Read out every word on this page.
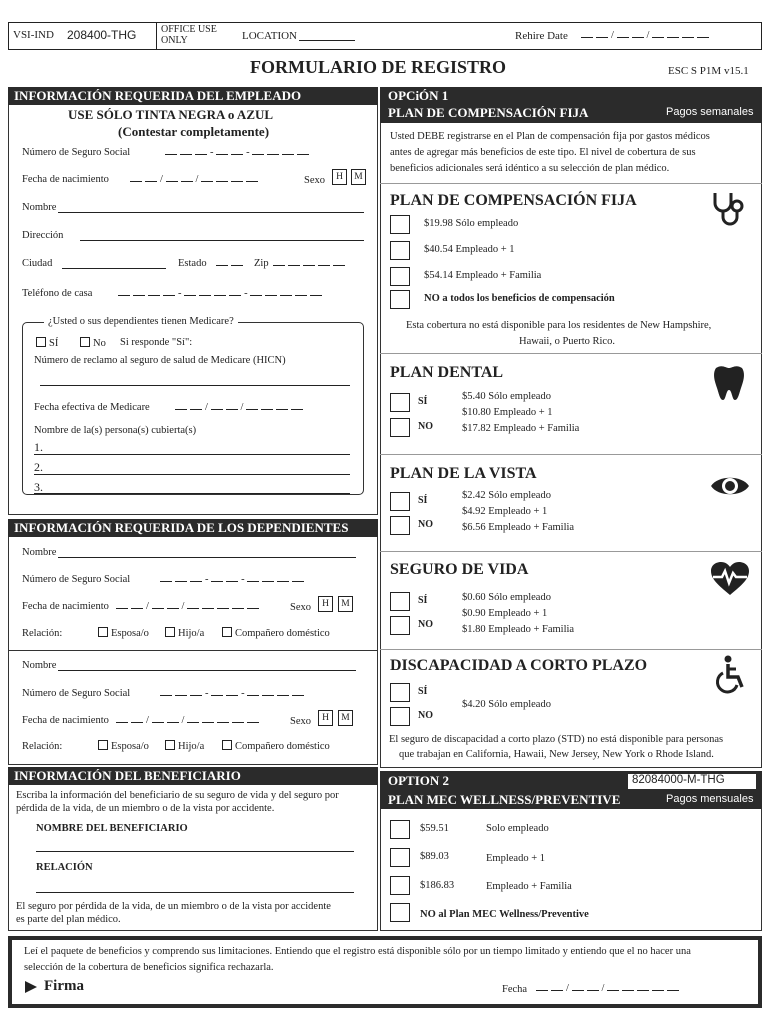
VSI-IND 208400-THG OFFICE USE
ONLY	LOCATION	Rehire Date	/	/
FORMULARIO DE REGISTRO	ESC S P1M v15.1
INFORMACIÓN REQUERIDA DEL EMPLEADO
USE SÓLO TINTA NEGRA o AZUL
(Contestar completamente)
Número de Seguro Social	-	-
Fecha de nacimiento	/	/	Sexo	H	M
Nombre
Dirección
Ciudad	Estado	Zip
Teléfono de casa	-	-
¿Usted o sus dependientes tienen Medicare?
SÍ	No Si responde "Sí":
Número de reclamo al seguro de salud de Medicare (HICN)
Fecha efectiva de Medicare	/	/
Nombre de la(s) persona(s) cubierta(s)
1.
2.
3.
INFORMACIÓN REQUERIDA DE LOS DEPENDIENTES
Nombre
Número de Seguro Social	-	-
Fecha de nacimiento	/	/	Sexo	H	M
Relación:	Esposa/o	Hijo/a	Compañero doméstico
Nombre
Número de Seguro Social	-	-
Fecha de nacimiento	/	/	Sexo	H	M
Relación:	Esposa/o	Hijo/a	Compañero doméstico
INFORMACIÓN DEL BENEFICIARIO
Escriba la información del beneficiario de su seguro de vida y del seguro por
pérdida de la vida, de un miembro o de la vista por accidente.
NOMBRE DEL BENEFICIARIO
RELACIÓN
El seguro por pérdida de la vida, de un miembro o de la vista por accidente
es parte del plan médico.
OPCiÓN 1
PLAN DE COMPENSACIÓN FIJA	Pagos semanales
Usted DEBE registrarse en el Plan de compensación fija por gastos médicos
antes de agregar más beneficios de este tipo. El nivel de cobertura de sus
beneficios adicionales será idéntico a su selección de plan médico.
PLAN DE COMPENSACIÓN FIJA
$19.98 Sólo empleado
$40.54 Empleado + 1
$54.14 Empleado + Familia
NO a todos los beneficios de compensación
Esta cobertura no está disponible para los residentes de New Hampshire,
Hawaii, o Puerto Rico.
PLAN DENTAL
SÍ
NO
$5.40 Sólo empleado
$10.80 Empleado + 1
$17.82 Empleado + Familia
PLAN DE LA VISTA
SÍ
NO
$2.42 Sólo empleado
$4.92 Empleado + 1
$6.56 Empleado + Familia
SEGURO DE VIDA
SÍ
NO
$0.60 Sólo empleado
$0.90 Empleado + 1
$1.80 Empleado + Familia
DISCAPACIDAD A CORTO PLAZO
SÍ
NO
$4.20 Sólo empleado
El seguro de discapacidad a corto plazo (STD) no está disponible para personas
que trabajan en California, Hawaii, New Jersey, New York o Rhode Island.
OPTION 2	82084000-M-THG
PLAN MEC WELLNESS/PREVENTIVE	Pagos mensuales
$59.51	Solo empleado
$89.03	Empleado + 1
$186.83	Empleado + Familia
NO al Plan MEC Wellness/Preventive
Leí el paquete de beneficios y comprendo sus limitaciones. Entiendo que el registro está disponible sólo por un tiempo limitado y entiendo que el no hacer una
selección de la cobertura de beneficios significa rechazarla.
Firma	Fecha	/	/
